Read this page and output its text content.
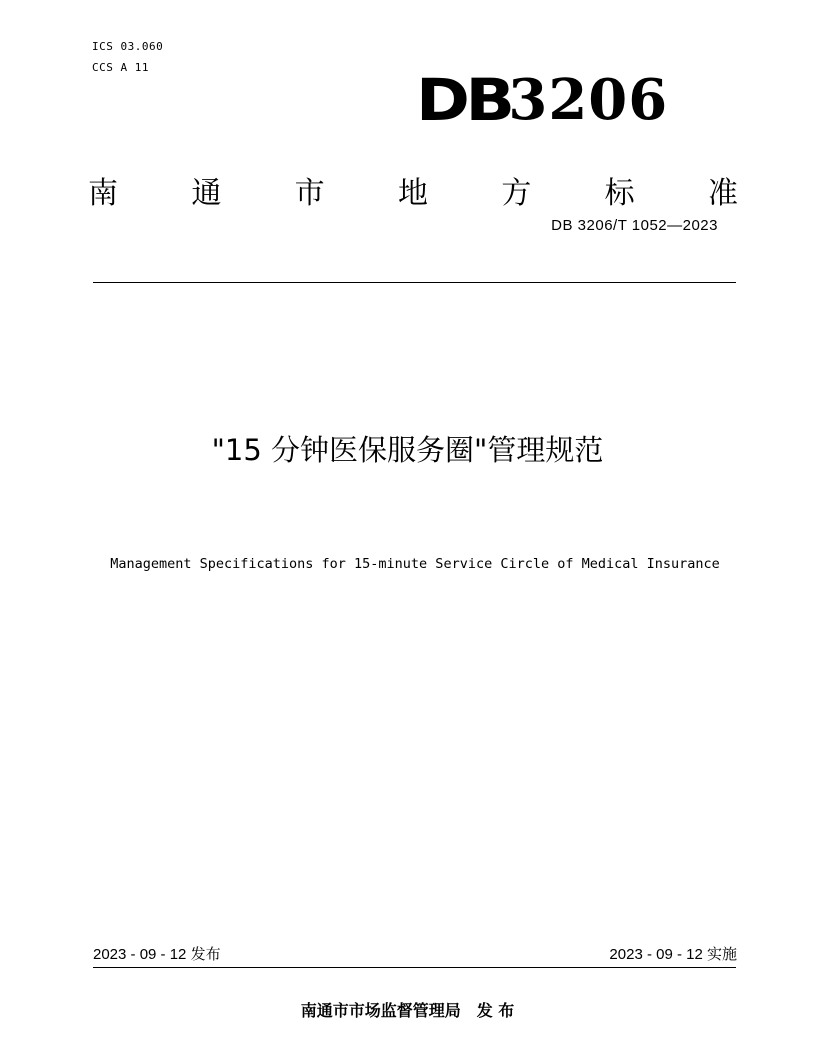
ICS 03.060
CCS A 11	DB
3206
南 通 市 地 方 标 准
DB 3206/T 1052—2023
"15 分钟医保服务圈"管理规范
Management Specifications for 15-minute Service Circle of Medical Insurance
2023 - 09 - 12 发布	2023 - 09 - 12 实施
南通市市场监督管理局　发 布
